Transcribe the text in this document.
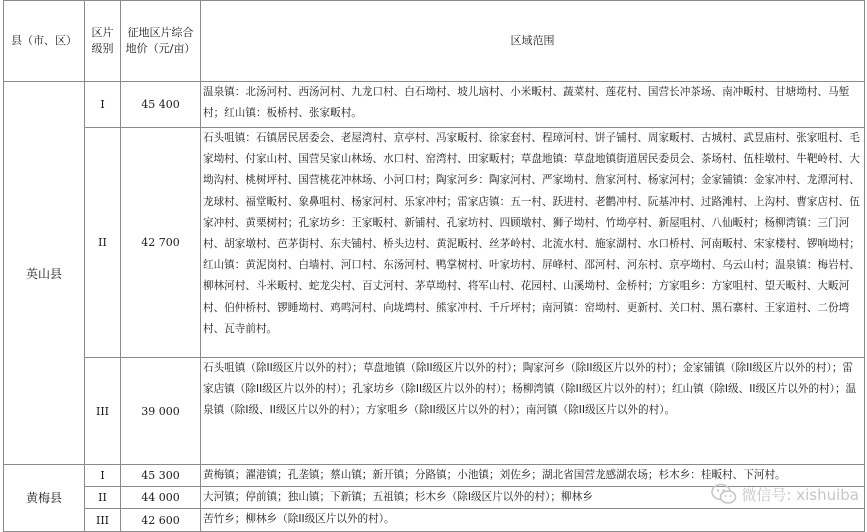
县（市、区）	区片级别	征地区片综合地价（元/亩）	区域范围
英山县	I	45 400	温泉镇：北汤河村、西汤河村、九龙口村、白石坳村、坡儿垴村、小米畈村、蔬菜村、莲花村、国营长冲茶场、南冲畈村、甘塘坳村、马堑村；红山镇：板桥村、张家畈村。
	II	42 700	石头咀镇：石镇居民居委会、老屋湾村、京亭村、冯家畈村、徐家套村、程璋河村、饼子铺村、周家畈村、古城村、武昱庙村、张家咀村、毛家坳村、付家山村、国营吴家山林场、水口村、窑湾村、田家畈村；草盘地镇：草盘地镇街道居民委员会、茶场村、伍桂墩村、牛靶岭村、大坳沟村、桃树坪村、国营桃花冲林场、小河口村；陶家河乡：陶家河村、严家坳村、詹家河村、杨家河村；金家铺镇：金家冲村、龙潭河村、龙球村、福堂畈村、象鼻咀村、杨家河村、乐家冲村；雷家店镇：五一村、跃进村、老鹳冲村、阮基冲村、过路滩村、上沟村、曹家店村、伍家冲村、黄栗树村；孔家坊乡：王家畈村、新铺村、孔家坊村、四顾墩村、狮子坳村、竹坳亭村、新屋咀村、八仙畈村；杨柳湾镇：三门河村、胡家墩村、芭茅街村、东夫铺村、桥头边村、黄泥畈村、丝茅岭村、北流水村、施家湖村、水口桥村、河南畈村、宋家楼村、锣响坳村；红山镇：黄泥岗村、白墙村、河口村、东汤河村、鸭掌树村、叶家坊村、屏峰村、邵河村、河东村、京亭坳村、乌云山村；温泉镇：梅岩村、柳林河村、斗米畈村、蛇龙尖村、百丈河村、茅草坳村、将军山村、花园村、山溪坳村、金桥村；方家咀乡：方家咀村、望天畈村、大畈河村、伯仲桥村、锣睡坳村、鸡鸣河村、向垅塆村、熊家冲村、千斤坪村；南河镇：窑坳村、更新村、关口村、黑石寨村、王家道村、二份塆村、瓦寺前村。
	III	39 000	石头咀镇（除II级区片以外的村）；草盘地镇（除II级区片以外的村）；陶家河乡（除II级区片以外的村）；金家铺镇（除II级区片以外的村）；雷家店镇（除II级区片以外的村）；孔家坊乡（除II级区片以外的村）；杨柳湾镇（除II级区片以外的村）；红山镇（除I级、II级区片以外的村）；温泉镇（除I级、II级区片以外的村）；方家咀乡（除II级区片以外的村）；南河镇（除II级区片以外的村）。
黄梅县	I	45 300	黄梅镇；濯港镇；孔垄镇；蔡山镇；新开镇；分路镇；小池镇；刘佐乡；湖北省国营龙感湖农场；杉木乡：桂畈村、下河村。
	II	44 000	大河镇；停前镇；独山镇；下新镇；五祖镇；杉木乡（除I级区片以外的村）；柳林乡
	III	42 600	苦竹乡；柳林乡（除II级区片以外的村）。
微信号: xishuiba
